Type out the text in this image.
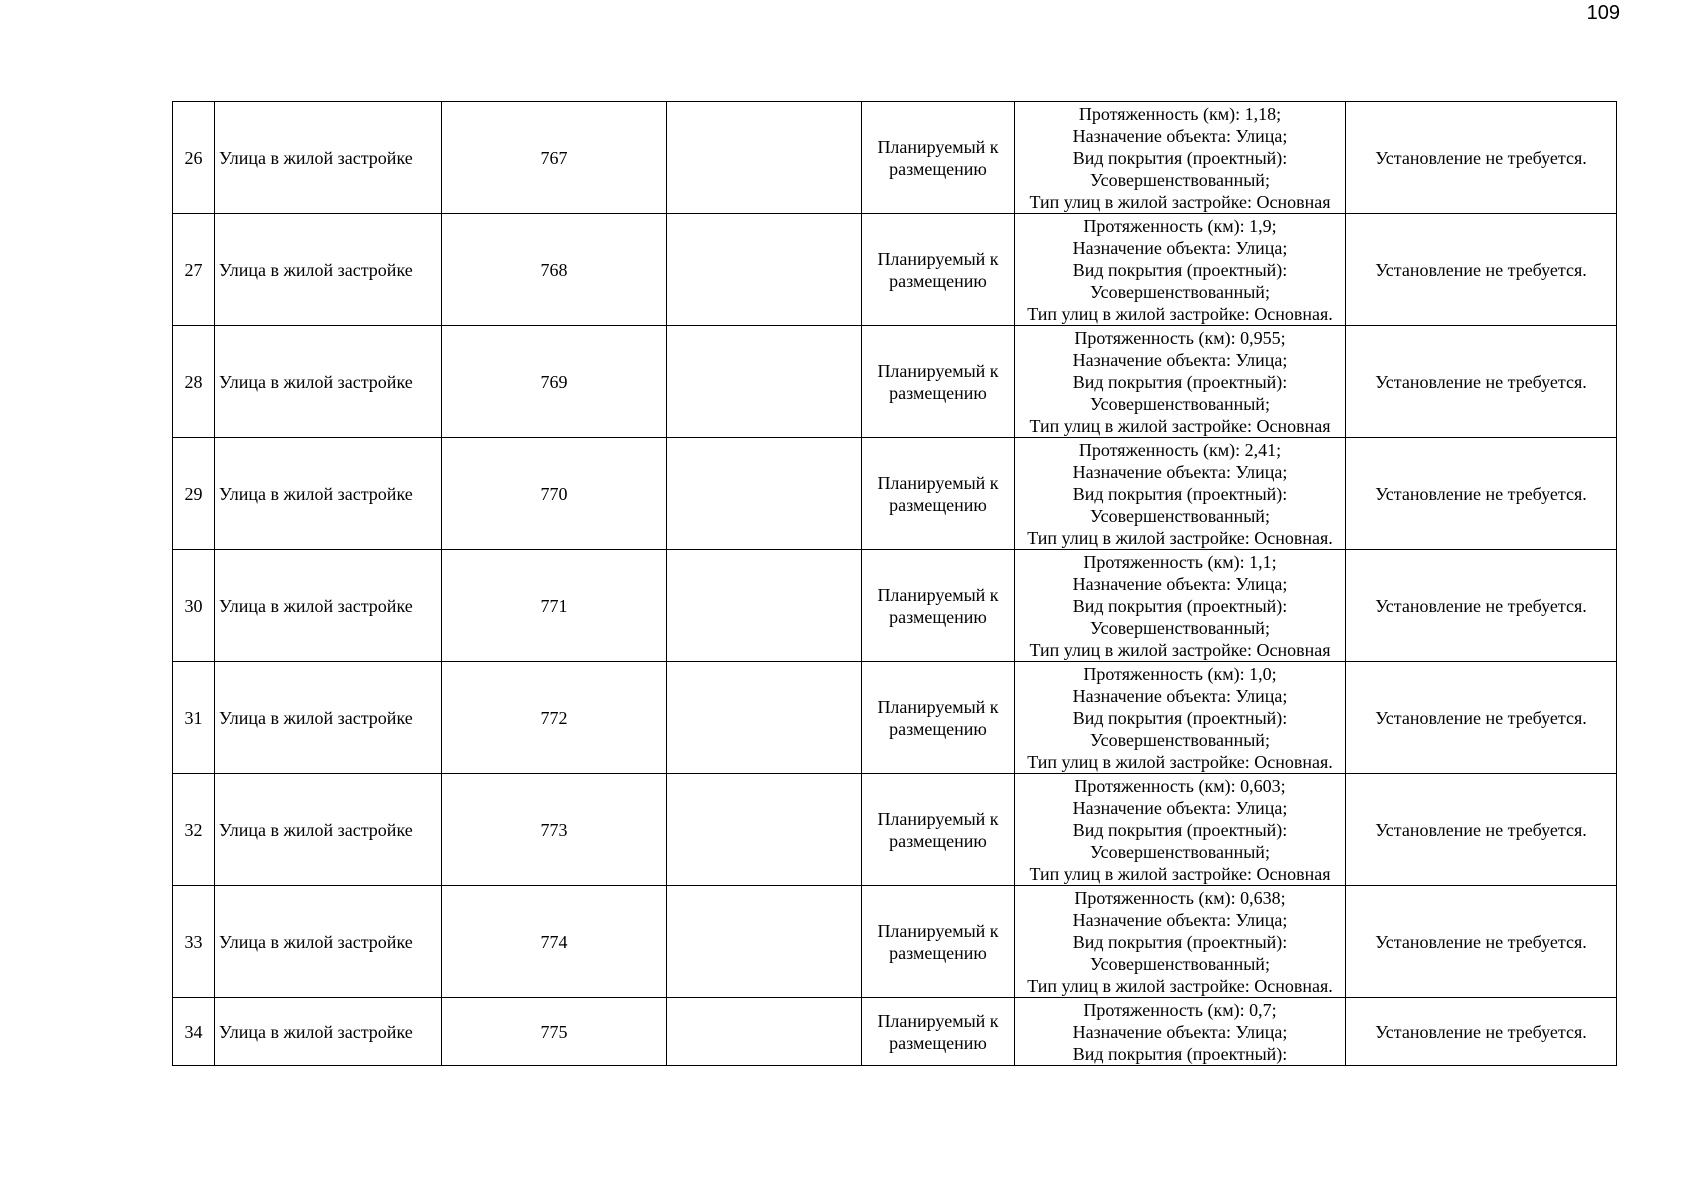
109
26	Улица в жилой застройке	767		Планируемый к
размещению	Протяженность (км): 1,18;
Назначение объекта: Улица;
Вид покрытия (проектный):
Усовершенствованный;
Тип улиц в жилой застройке: Основная	Установление не требуется.
27	Улица в жилой застройке	768		Планируемый к
размещению	Протяженность (км): 1,9;
Назначение объекта: Улица;
Вид покрытия (проектный):
Усовершенствованный;
Тип улиц в жилой застройке: Основная.	Установление не требуется.
28	Улица в жилой застройке	769		Планируемый к
размещению	Протяженность (км): 0,955;
Назначение объекта: Улица;
Вид покрытия (проектный):
Усовершенствованный;
Тип улиц в жилой застройке: Основная	Установление не требуется.
29	Улица в жилой застройке	770		Планируемый к
размещению	Протяженность (км): 2,41;
Назначение объекта: Улица;
Вид покрытия (проектный):
Усовершенствованный;
Тип улиц в жилой застройке: Основная.	Установление не требуется.
30	Улица в жилой застройке	771		Планируемый к
размещению	Протяженность (км): 1,1;
Назначение объекта: Улица;
Вид покрытия (проектный):
Усовершенствованный;
Тип улиц в жилой застройке: Основная	Установление не требуется.
31	Улица в жилой застройке	772		Планируемый к
размещению	Протяженность (км): 1,0;
Назначение объекта: Улица;
Вид покрытия (проектный):
Усовершенствованный;
Тип улиц в жилой застройке: Основная.	Установление не требуется.
32	Улица в жилой застройке	773		Планируемый к
размещению	Протяженность (км): 0,603;
Назначение объекта: Улица;
Вид покрытия (проектный):
Усовершенствованный;
Тип улиц в жилой застройке: Основная	Установление не требуется.
33	Улица в жилой застройке	774		Планируемый к
размещению	Протяженность (км): 0,638;
Назначение объекта: Улица;
Вид покрытия (проектный):
Усовершенствованный;
Тип улиц в жилой застройке: Основная.	Установление не требуется.
34	Улица в жилой застройке	775		Планируемый к
размещению	Протяженность (км): 0,7;
Назначение объекта: Улица;
Вид покрытия (проектный):	Установление не требуется.
